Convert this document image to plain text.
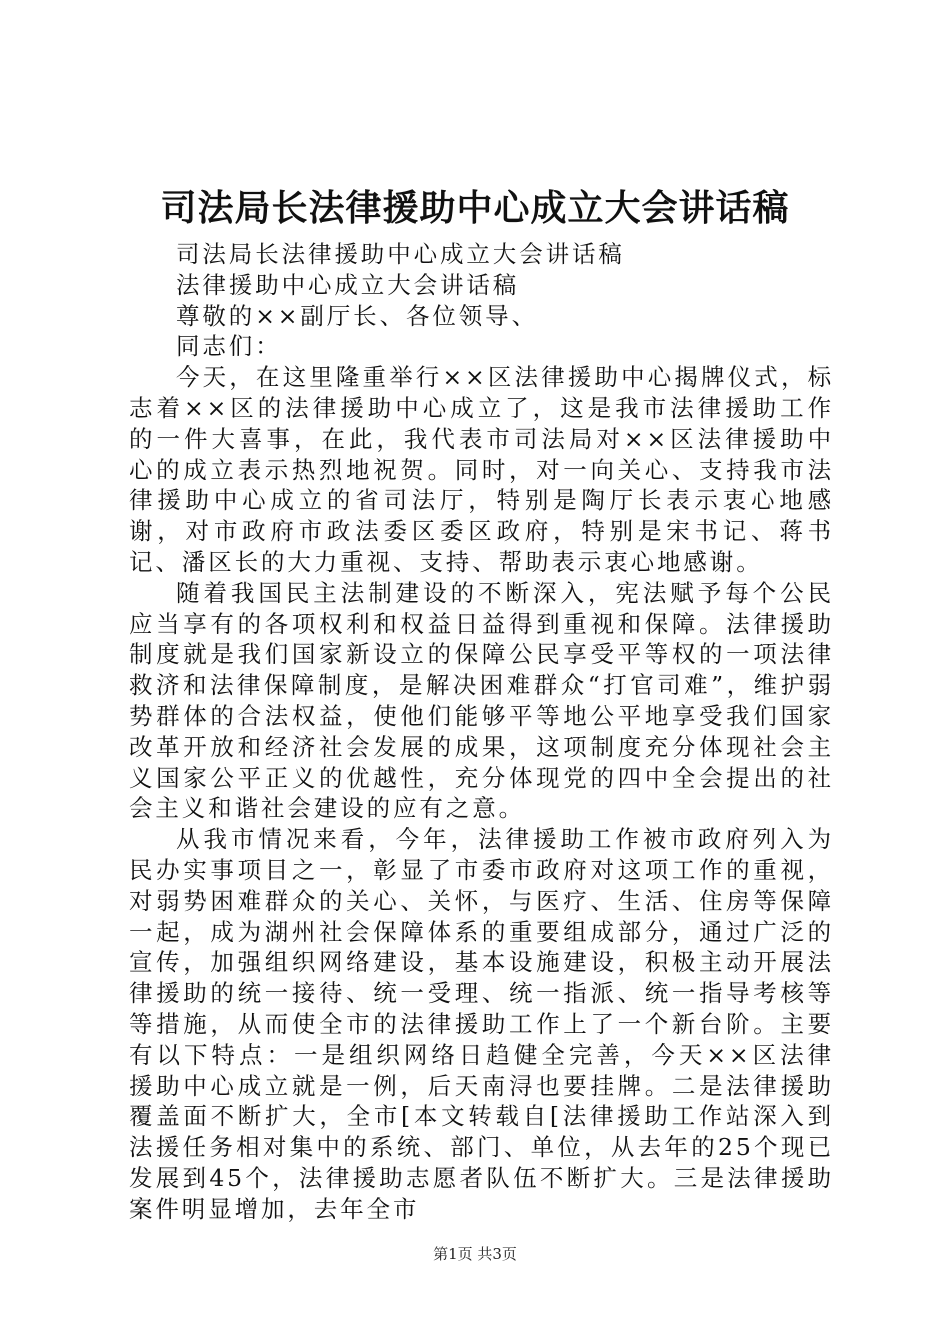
司法局长法律援助中心成立大会讲话稿

司法局长法律援助中心成立大会讲话稿

法律援助中心成立大会讲话稿

尊敬的××副厅长、各位领导、

同志们：

今天，在这里隆重举行××区法律援助中心揭牌仪式，标志着××区的法律援助中心成立了，这是我市法律援助工作的一件大喜事，在此，我代表市司法局对××区法律援助中心的成立表示热烈地祝贺。同时，对一向关心、支持我市法律援助中心成立的省司法厅，特别是陶厅长表示衷心地感谢，对市政府市政法委区委区政府，特别是宋书记、蒋书记、潘区长的大力重视、支持、帮助表示衷心地感谢。

随着我国民主法制建设的不断深入，宪法赋予每个公民应当享有的各项权利和权益日益得到重视和保障。法律援助制度就是我们国家新设立的保障公民享受平等权的一项法律救济和法律保障制度，是解决困难群众“打官司难”，维护弱势群体的合法权益，使他们能够平等地公平地享受我们国家改革开放和经济社会发展的成果，这项制度充分体现社会主义国家公平正义的优越性，充分体现党的四中全会提出的社会主义和谐社会建设的应有之意。

从我市情况来看，今年，法律援助工作被市政府列入为民办实事项目之一，彰显了市委市政府对这项工作的重视，对弱势困难群众的关心、关怀，与医疗、生活、住房等保障一起，成为湖州社会保障体系的重要组成部分，通过广泛的宣传，加强组织网络建设，基本设施建设，积极主动开展法律援助的统一接待、统一受理、统一指派、统一指导考核等等措施，从而使全市的法律援助工作上了一个新台阶。主要有以下特点：一是组织网络日趋健全完善，今天××区法律援助中心成立就是一例，后天南浔也要挂牌。二是法律援助覆盖面不断扩大，全市[本文转载自[法律援助工作站深入到法援任务相对集中的系统、部门、单位，从去年的25个现已发展到45个，法律援助志愿者队伍不断扩大。三是法律援助案件明显增加，去年全市

第1页 共3页
